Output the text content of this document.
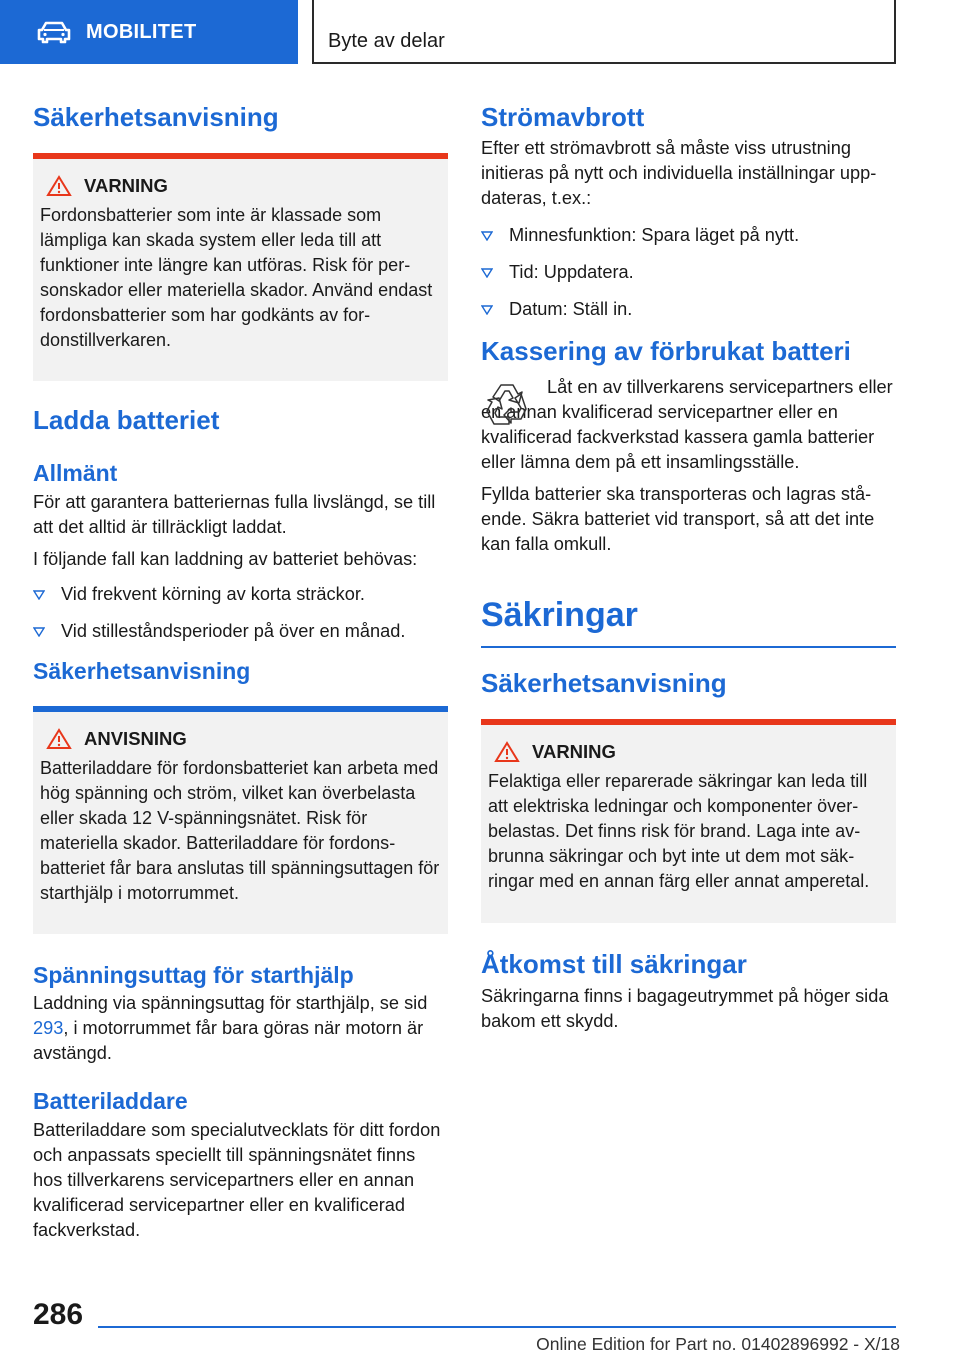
MOBILITET	Byte av delar
Säkerhetsanvisning
VARNING

Fordonsbatterier som inte är klassade som lämpliga kan skada system eller leda till att funktioner inte längre kan utföras. Risk för personskador eller materiella skador. Använd endast fordonsbatterier som har godkänts av fordonstillverkaren.

Ladda batteriet
Allmänt

För att garantera batteriernas fulla livslängd, se till att det alltid är tillräckligt laddat.

I följande fall kan laddning av batteriet behövas:

Vid frekvent körning av korta sträckor.
Vid stilleståndsperioder på över en månad.
Säkerhetsanvisning
ANVISNING

Batteriladdare för fordonsbatteriet kan arbeta med hög spänning och ström, vilket kan överbelasta eller skada 12 V-spänningsnätet. Risk för materiella skador. Batteriladdare för fordonsbatteriet får bara anslutas till spänningsuttagen för starthjälp i motorrummet.

Spänningsuttag för starthjälp

Laddning via spänningsuttag för starthjälp, se sid 293, i motorrummet får bara göras när motorn är avstängd.

Batteriladdare

Batteriladdare som specialutvecklats för ditt fordon och anpassats speciellt till spänningsnätet finns hos tillverkarens servicepartners eller en annan kvalificerad servicepartner eller en kvalificerad fackverkstad.

Strömavbrott

Efter ett strömavbrott så måste viss utrustning initieras på nytt och individuella inställningar uppdateras, t.ex.:

Minnesfunktion: Spara läget på nytt.
Tid: Uppdatera.
Datum: Ställ in.
Kassering av förbrukat batteri

Låt en av tillverkarens servicepartners eller en annan kvalificerad servicepartner eller en kvalificerad fackverkstad kassera gamla batterier eller lämna dem på ett insamlingsställe.

Fyllda batterier ska transporteras och lagras stående. Säkra batteriet vid transport, så att det inte kan falla omkull.

Säkringar
Säkerhetsanvisning
VARNING

Felaktiga eller reparerade säkringar kan leda till att elektriska ledningar och komponenter överbelastas. Det finns risk för brand. Laga inte avbrunna säkringar och byt inte ut dem mot säkringar med en annan färg eller annat amperetal.

Åtkomst till säkringar

Säkringarna finns i bagageutrymmet på höger sida bakom ett skydd.

286
Online Edition for Part no. 01402896992 - X/18
